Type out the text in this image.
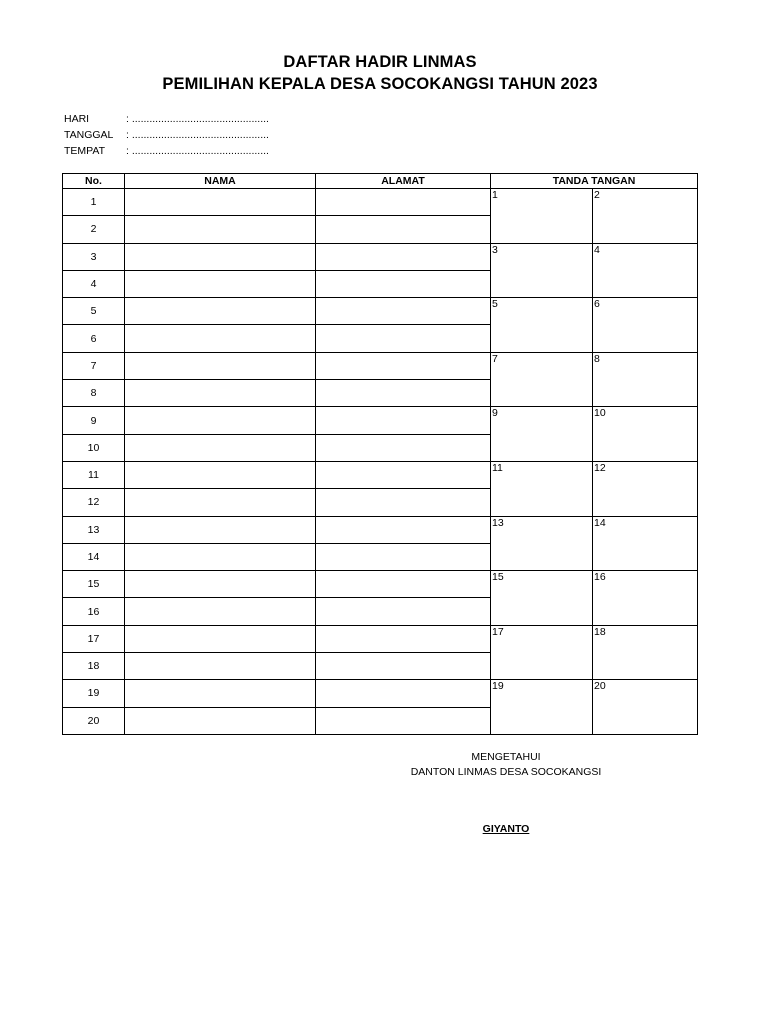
DAFTAR HADIR LINMAS
PEMILIHAN KEPALA DESA SOCOKANGSI TAHUN 2023
HARI	: ...............................................
TANGGAL	: ...............................................
TEMPAT	: ...............................................
No.	NAMA	ALAMAT	TANDA TANGAN	
1			1	2

2				
3			3	4

4				
5			5	6

6				
7			7	8

8				
9			9	10

10				
11			11	12

12				
13			13	14

14				
15			15	16

16				
17			17	18

18				
19			19	20

20				
MENGETAHUI
DANTON LINMAS DESA SOCOKANGSI
GIYANTO
